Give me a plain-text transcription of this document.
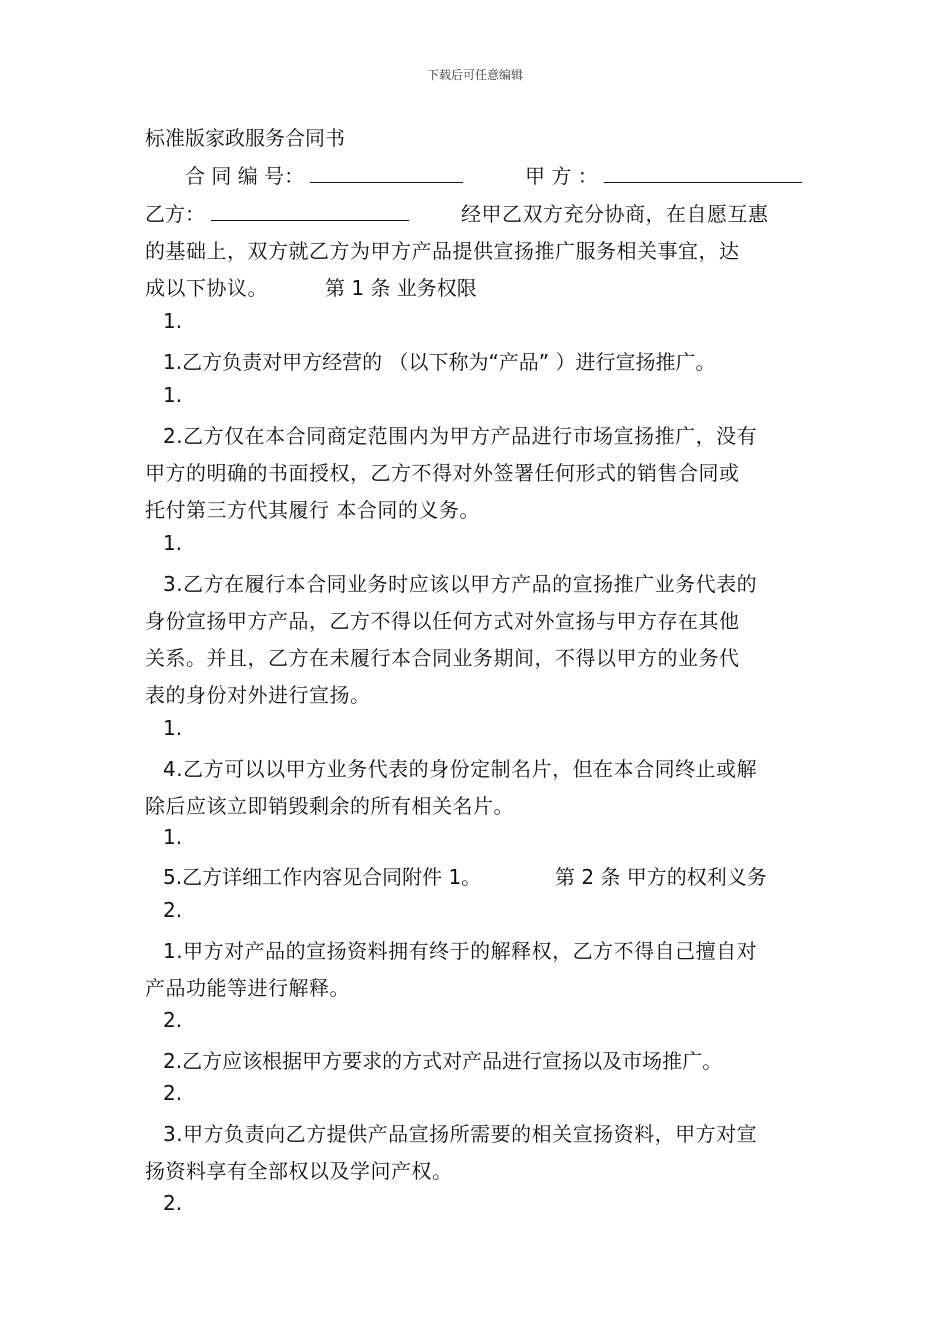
下载后可任意编辑
标准版家政服务合同书
合 同 编 号：	甲 方 ：
乙方：	经甲乙双方充分协商，在自愿互惠
的基础上，双方就乙方为甲方产品提供宣扬推广服务相关事宜，达
成以下协议。	第 1 条 业务权限
1.
1.乙方负责对甲方经营的 （以下称为“产品” ）进行宣扬推广。
1.
2.乙方仅在本合同商定范围内为甲方产品进行市场宣扬推广，没有
甲方的明确的书面授权，乙方不得对外签署任何形式的销售合同或
托付第三方代其履行 本合同的义务。
1.
3.乙方在履行本合同业务时应该以甲方产品的宣扬推广业务代表的
身份宣扬甲方产品，乙方不得以任何方式对外宣扬与甲方存在其他
关系。并且，乙方在未履行本合同业务期间，不得以甲方的业务代
表的身份对外进行宣扬。
1.
4.乙方可以以甲方业务代表的身份定制名片，但在本合同终止或解
除后应该立即销毁剩余的所有相关名片。
1.
5.乙方详细工作内容见合同附件 1。	第 2 条 甲方的权利义务
2.
1.甲方对产品的宣扬资料拥有终于的解释权，乙方不得自己擅自对
产品功能等进行解释。
2.
2.乙方应该根据甲方要求的方式对产品进行宣扬以及市场推广。
2.
3.甲方负责向乙方提供产品宣扬所需要的相关宣扬资料，甲方对宣
扬资料享有全部权以及学问产权。
2.
